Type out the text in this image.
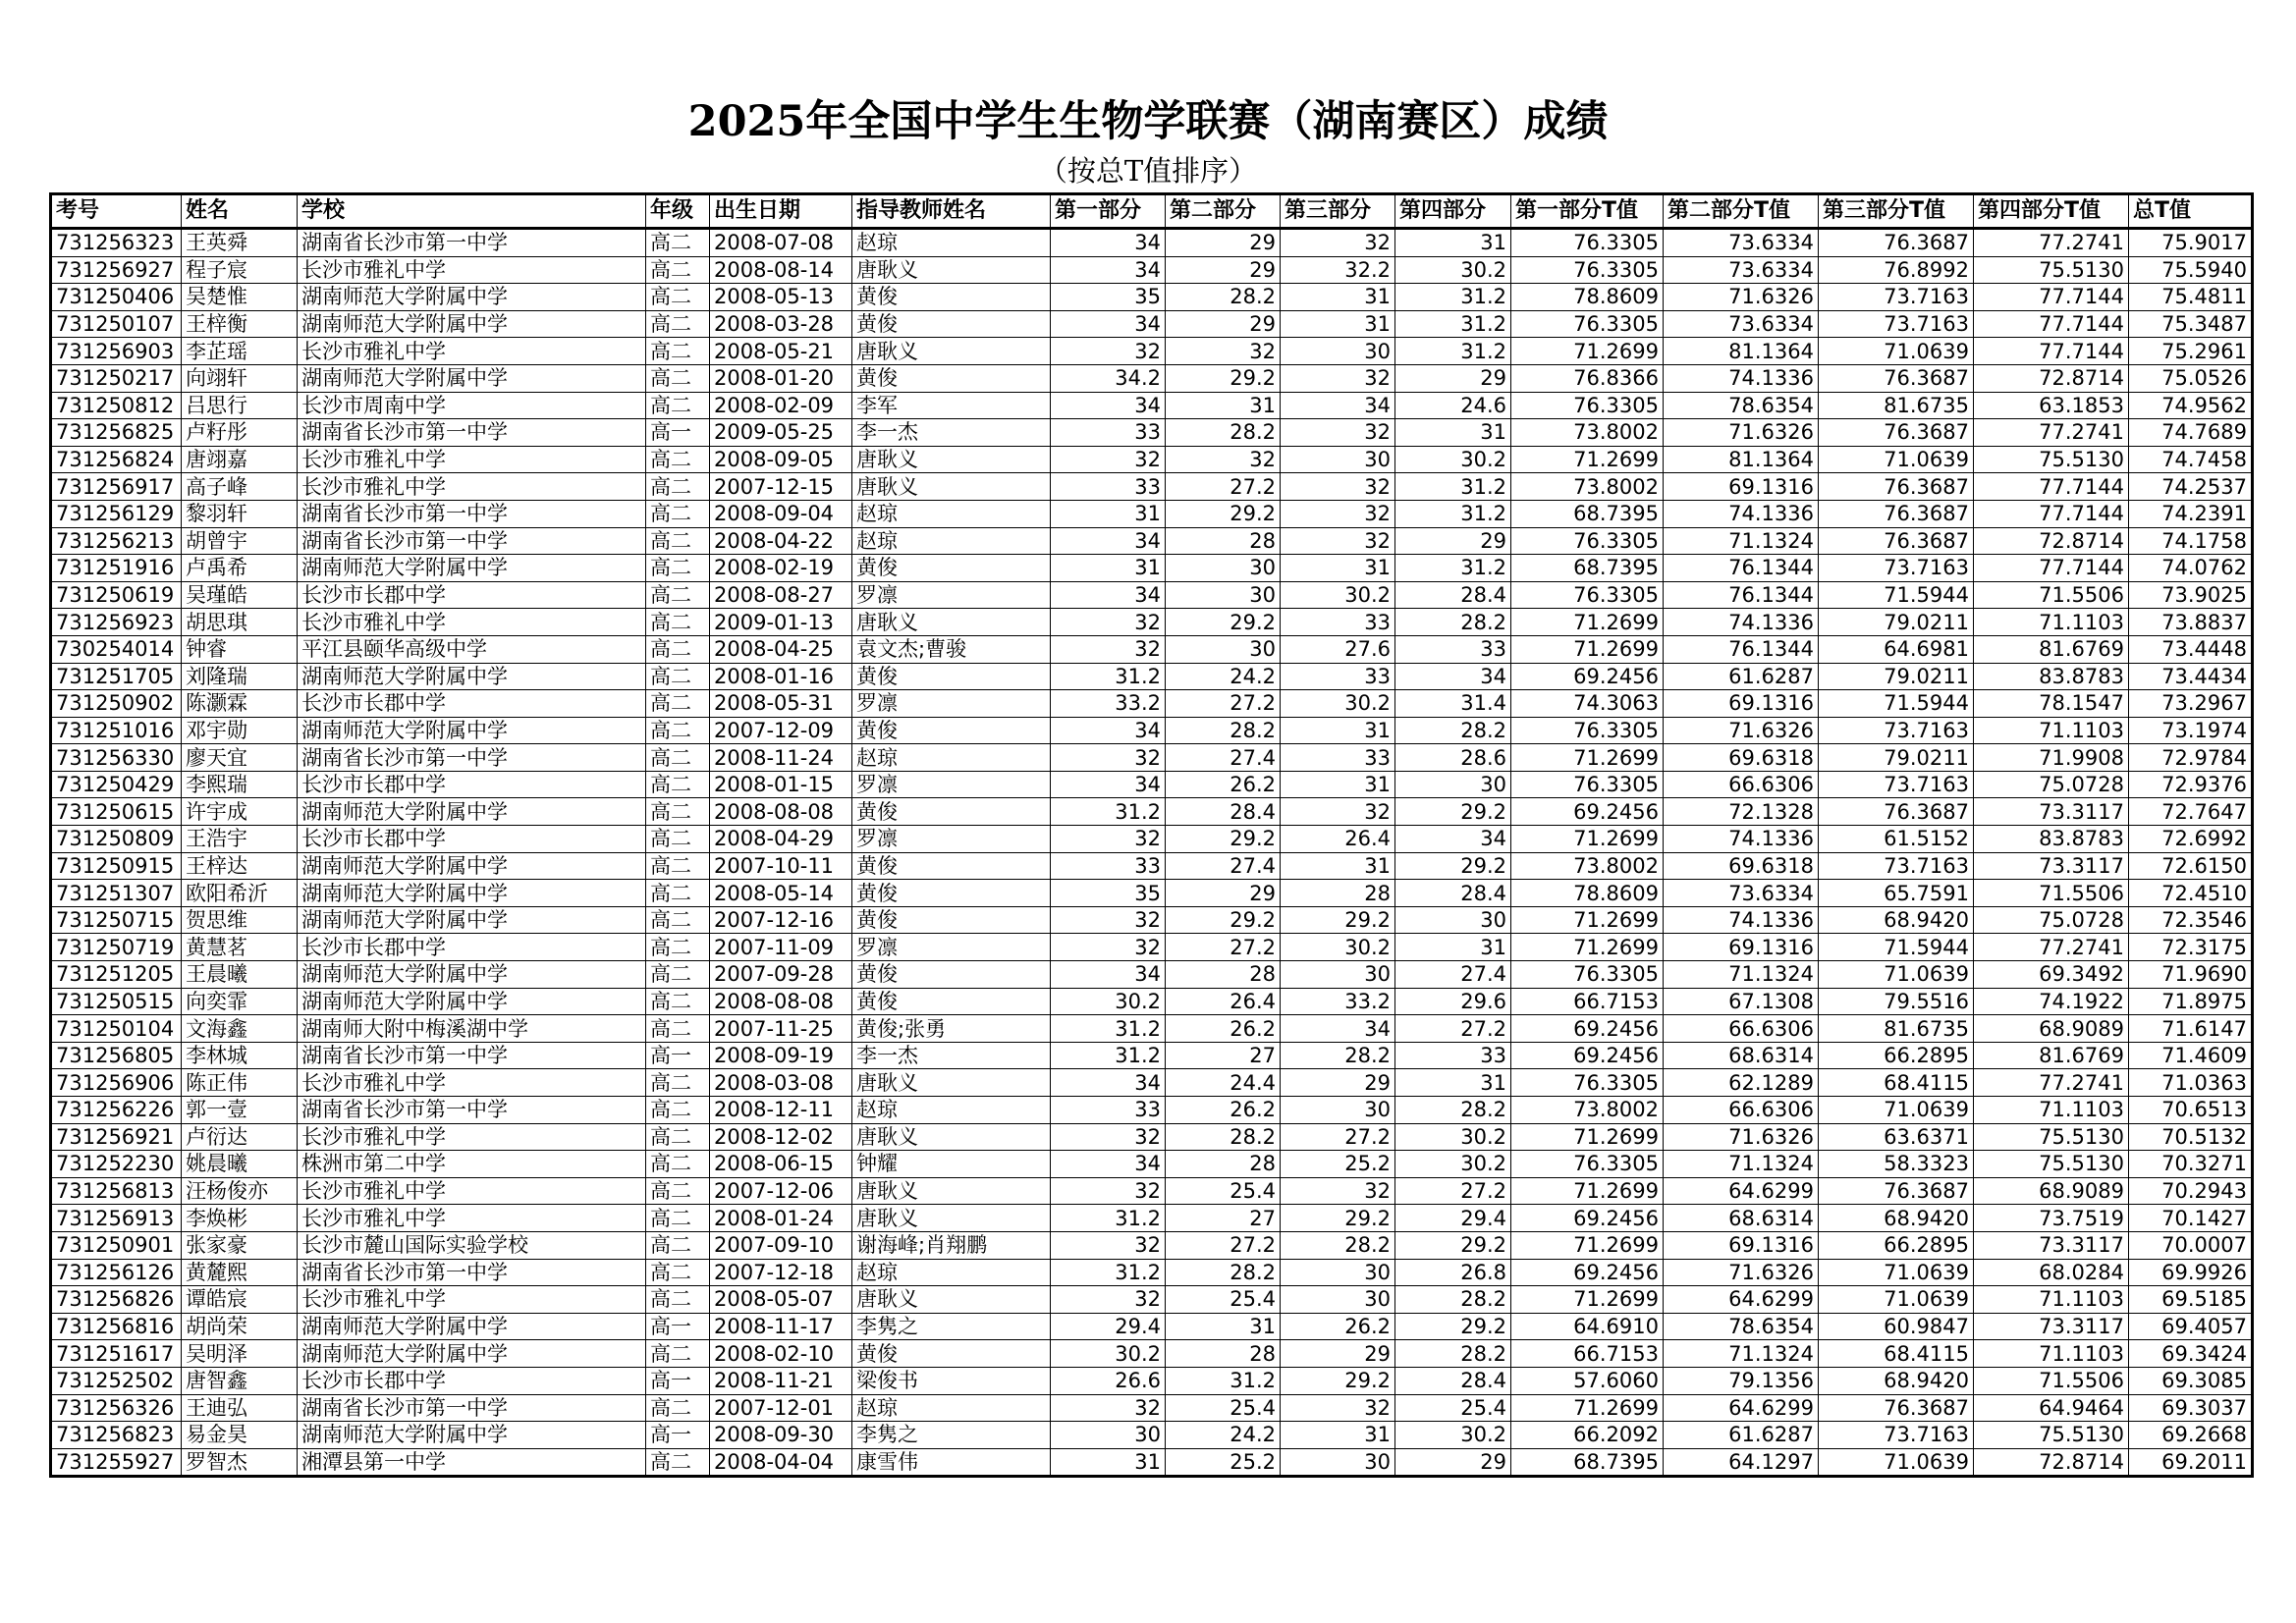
2025年全国中学生生物学联赛（湖南赛区）成绩
（按总T值排序）
考号	姓名	学校	年级	出生日期	指导教师姓名	第一部分	第二部分	第三部分	第四部分	第一部分T值	第二部分T值	第三部分T值	第四部分T值	总T值
731256323	王英舜	湖南省长沙市第一中学	高二	2008-07-08	赵琼	34	29	32	31	76.3305	73.6334	76.3687	77.2741	75.9017
731256927	程子宸	长沙市雅礼中学	高二	2008-08-14	唐耿义	34	29	32.2	30.2	76.3305	73.6334	76.8992	75.5130	75.5940
731250406	吴楚惟	湖南师范大学附属中学	高二	2008-05-13	黄俊	35	28.2	31	31.2	78.8609	71.6326	73.7163	77.7144	75.4811
731250107	王梓衡	湖南师范大学附属中学	高二	2008-03-28	黄俊	34	29	31	31.2	76.3305	73.6334	73.7163	77.7144	75.3487
731256903	李芷瑶	长沙市雅礼中学	高二	2008-05-21	唐耿义	32	32	30	31.2	71.2699	81.1364	71.0639	77.7144	75.2961
731250217	向翊轩	湖南师范大学附属中学	高二	2008-01-20	黄俊	34.2	29.2	32	29	76.8366	74.1336	76.3687	72.8714	75.0526
731250812	吕思行	长沙市周南中学	高二	2008-02-09	李军	34	31	34	24.6	76.3305	78.6354	81.6735	63.1853	74.9562
731256825	卢籽彤	湖南省长沙市第一中学	高一	2009-05-25	李一杰	33	28.2	32	31	73.8002	71.6326	76.3687	77.2741	74.7689
731256824	唐翊嘉	长沙市雅礼中学	高二	2008-09-05	唐耿义	32	32	30	30.2	71.2699	81.1364	71.0639	75.5130	74.7458
731256917	高子峰	长沙市雅礼中学	高二	2007-12-15	唐耿义	33	27.2	32	31.2	73.8002	69.1316	76.3687	77.7144	74.2537
731256129	黎羽轩	湖南省长沙市第一中学	高二	2008-09-04	赵琼	31	29.2	32	31.2	68.7395	74.1336	76.3687	77.7144	74.2391
731256213	胡曾宇	湖南省长沙市第一中学	高二	2008-04-22	赵琼	34	28	32	29	76.3305	71.1324	76.3687	72.8714	74.1758
731251916	卢禹希	湖南师范大学附属中学	高二	2008-02-19	黄俊	31	30	31	31.2	68.7395	76.1344	73.7163	77.7144	74.0762
731250619	吴瑾皓	长沙市长郡中学	高二	2008-08-27	罗凛	34	30	30.2	28.4	76.3305	76.1344	71.5944	71.5506	73.9025
731256923	胡思琪	长沙市雅礼中学	高二	2009-01-13	唐耿义	32	29.2	33	28.2	71.2699	74.1336	79.0211	71.1103	73.8837
730254014	钟睿	平江县颐华高级中学	高二	2008-04-25	袁文杰;曹骏	32	30	27.6	33	71.2699	76.1344	64.6981	81.6769	73.4448
731251705	刘隆瑞	湖南师范大学附属中学	高二	2008-01-16	黄俊	31.2	24.2	33	34	69.2456	61.6287	79.0211	83.8783	73.4434
731250902	陈灏霖	长沙市长郡中学	高二	2008-05-31	罗凛	33.2	27.2	30.2	31.4	74.3063	69.1316	71.5944	78.1547	73.2967
731251016	邓宇勋	湖南师范大学附属中学	高二	2007-12-09	黄俊	34	28.2	31	28.2	76.3305	71.6326	73.7163	71.1103	73.1974
731256330	廖天宜	湖南省长沙市第一中学	高二	2008-11-24	赵琼	32	27.4	33	28.6	71.2699	69.6318	79.0211	71.9908	72.9784
731250429	李熙瑞	长沙市长郡中学	高二	2008-01-15	罗凛	34	26.2	31	30	76.3305	66.6306	73.7163	75.0728	72.9376
731250615	许宇成	湖南师范大学附属中学	高二	2008-08-08	黄俊	31.2	28.4	32	29.2	69.2456	72.1328	76.3687	73.3117	72.7647
731250809	王浩宇	长沙市长郡中学	高二	2008-04-29	罗凛	32	29.2	26.4	34	71.2699	74.1336	61.5152	83.8783	72.6992
731250915	王梓达	湖南师范大学附属中学	高二	2007-10-11	黄俊	33	27.4	31	29.2	73.8002	69.6318	73.7163	73.3117	72.6150
731251307	欧阳希沂	湖南师范大学附属中学	高二	2008-05-14	黄俊	35	29	28	28.4	78.8609	73.6334	65.7591	71.5506	72.4510
731250715	贺思维	湖南师范大学附属中学	高二	2007-12-16	黄俊	32	29.2	29.2	30	71.2699	74.1336	68.9420	75.0728	72.3546
731250719	黄慧茗	长沙市长郡中学	高二	2007-11-09	罗凛	32	27.2	30.2	31	71.2699	69.1316	71.5944	77.2741	72.3175
731251205	王晨曦	湖南师范大学附属中学	高二	2007-09-28	黄俊	34	28	30	27.4	76.3305	71.1324	71.0639	69.3492	71.9690
731250515	向奕霏	湖南师范大学附属中学	高二	2008-08-08	黄俊	30.2	26.4	33.2	29.6	66.7153	67.1308	79.5516	74.1922	71.8975
731250104	文海鑫	湖南师大附中梅溪湖中学	高二	2007-11-25	黄俊;张勇	31.2	26.2	34	27.2	69.2456	66.6306	81.6735	68.9089	71.6147
731256805	李林城	湖南省长沙市第一中学	高一	2008-09-19	李一杰	31.2	27	28.2	33	69.2456	68.6314	66.2895	81.6769	71.4609
731256906	陈正伟	长沙市雅礼中学	高二	2008-03-08	唐耿义	34	24.4	29	31	76.3305	62.1289	68.4115	77.2741	71.0363
731256226	郭一壹	湖南省长沙市第一中学	高二	2008-12-11	赵琼	33	26.2	30	28.2	73.8002	66.6306	71.0639	71.1103	70.6513
731256921	卢衍达	长沙市雅礼中学	高二	2008-12-02	唐耿义	32	28.2	27.2	30.2	71.2699	71.6326	63.6371	75.5130	70.5132
731252230	姚晨曦	株洲市第二中学	高二	2008-06-15	钟耀	34	28	25.2	30.2	76.3305	71.1324	58.3323	75.5130	70.3271
731256813	汪杨俊亦	长沙市雅礼中学	高二	2007-12-06	唐耿义	32	25.4	32	27.2	71.2699	64.6299	76.3687	68.9089	70.2943
731256913	李焕彬	长沙市雅礼中学	高二	2008-01-24	唐耿义	31.2	27	29.2	29.4	69.2456	68.6314	68.9420	73.7519	70.1427
731250901	张家豪	长沙市麓山国际实验学校	高二	2007-09-10	谢海峰;肖翔鹏	32	27.2	28.2	29.2	71.2699	69.1316	66.2895	73.3117	70.0007
731256126	黄麓熙	湖南省长沙市第一中学	高二	2007-12-18	赵琼	31.2	28.2	30	26.8	69.2456	71.6326	71.0639	68.0284	69.9926
731256826	谭皓宸	长沙市雅礼中学	高二	2008-05-07	唐耿义	32	25.4	30	28.2	71.2699	64.6299	71.0639	71.1103	69.5185
731256816	胡尚荣	湖南师范大学附属中学	高一	2008-11-17	李隽之	29.4	31	26.2	29.2	64.6910	78.6354	60.9847	73.3117	69.4057
731251617	吴明泽	湖南师范大学附属中学	高二	2008-02-10	黄俊	30.2	28	29	28.2	66.7153	71.1324	68.4115	71.1103	69.3424
731252502	唐智鑫	长沙市长郡中学	高一	2008-11-21	梁俊书	26.6	31.2	29.2	28.4	57.6060	79.1356	68.9420	71.5506	69.3085
731256326	王迪弘	湖南省长沙市第一中学	高二	2007-12-01	赵琼	32	25.4	32	25.4	71.2699	64.6299	76.3687	64.9464	69.3037
731256823	易金昊	湖南师范大学附属中学	高一	2008-09-30	李隽之	30	24.2	31	30.2	66.2092	61.6287	73.7163	75.5130	69.2668
731255927	罗智杰	湘潭县第一中学	高二	2008-04-04	康雪伟	31	25.2	30	29	68.7395	64.1297	71.0639	72.8714	69.2011
